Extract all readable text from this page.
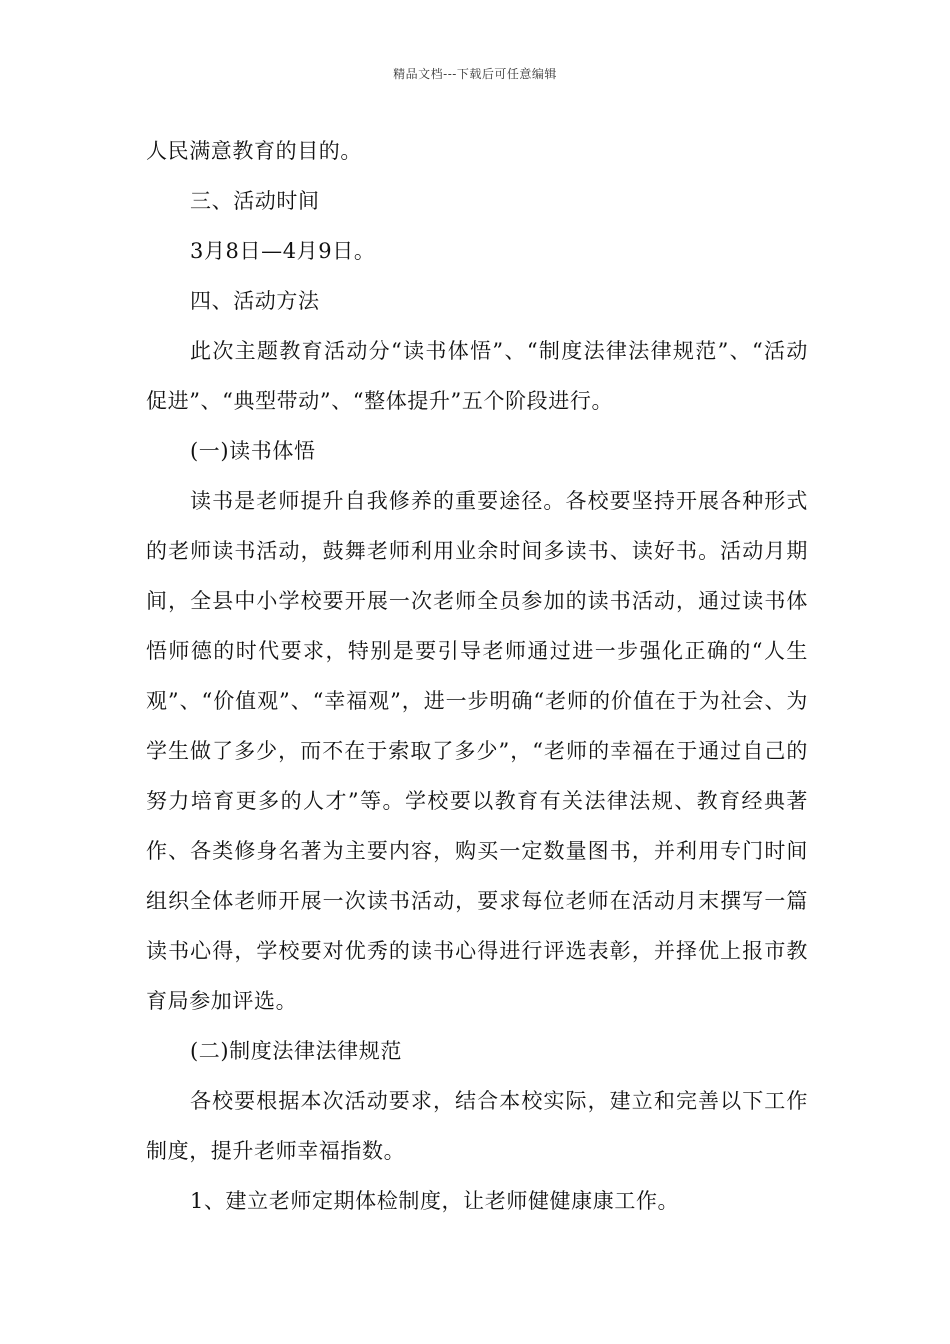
精品文档---下载后可任意编辑

人民满意教育的目的。

三、活动时间

3月8日—4月9日。

四、活动方法

此次主题教育活动分“读书体悟”、“制度法律法律规范”、“活动促进”、“典型带动”、“整体提升”五个阶段进行。

(一)读书体悟

读书是老师提升自我修养的重要途径。各校要坚持开展各种形式的老师读书活动，鼓舞老师利用业余时间多读书、读好书。活动月期间，全县中小学校要开展一次老师全员参加的读书活动，通过读书体悟师德的时代要求，特别是要引导老师通过进一步强化正确的“人生观”、“价值观”、“幸福观”，进一步明确“老师的价值在于为社会、为学生做了多少，而不在于索取了多少”，“老师的幸福在于通过自己的努力培育更多的人才”等。学校要以教育有关法律法规、教育经典著作、各类修身名著为主要内容，购买一定数量图书，并利用专门时间组织全体老师开展一次读书活动，要求每位老师在活动月末撰写一篇读书心得，学校要对优秀的读书心得进行评选表彰，并择优上报市教育局参加评选。

(二)制度法律法律规范

各校要根据本次活动要求，结合本校实际，建立和完善以下工作制度，提升老师幸福指数。

1、建立老师定期体检制度，让老师健健康康工作。
